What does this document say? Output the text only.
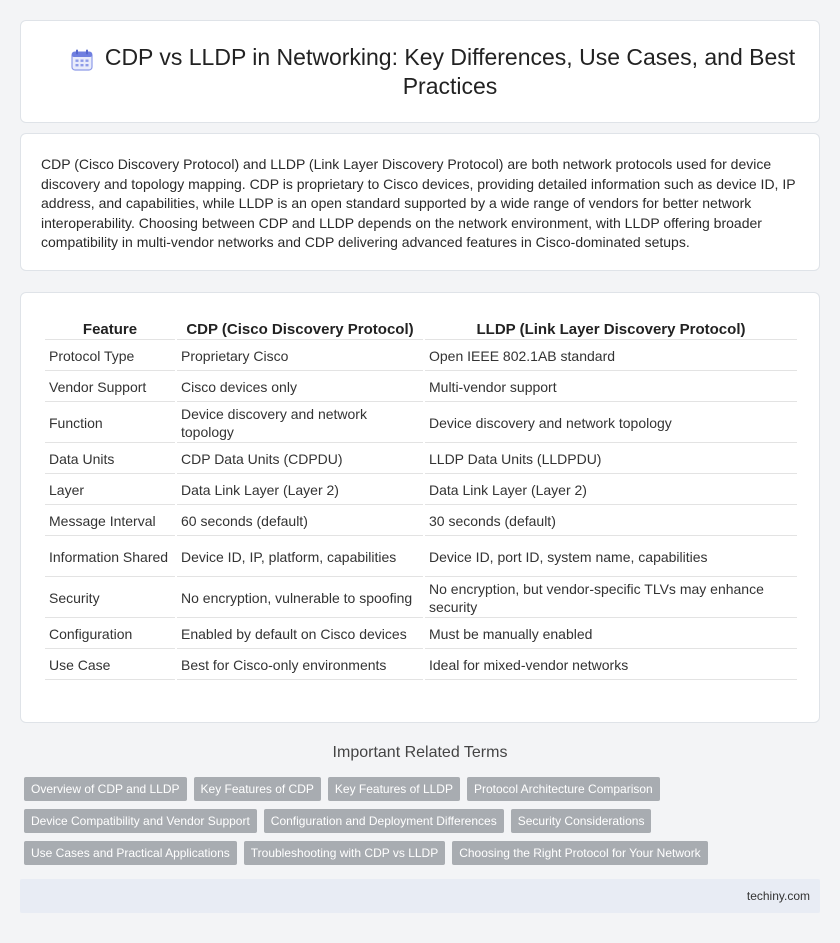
CDP vs LLDP in Networking: Key Differences, Use Cases, and Best Practices

CDP (Cisco Discovery Protocol) and LLDP (Link Layer Discovery Protocol) are both network protocols used for device discovery and topology mapping. CDP is proprietary to Cisco devices, providing detailed information such as device ID, IP address, and capabilities, while LLDP is an open standard supported by a wide range of vendors for better network interoperability. Choosing between CDP and LLDP depends on the network environment, with LLDP offering broader compatibility in multi-vendor networks and CDP delivering advanced features in Cisco-dominated setups.

Feature	CDP (Cisco Discovery Protocol)	LLDP (Link Layer Discovery Protocol)
Protocol Type	Proprietary Cisco	Open IEEE 802.1AB standard
Vendor Support	Cisco devices only	Multi-vendor support
Function	Device discovery and network topology	Device discovery and network topology
Data Units	CDP Data Units (CDPDU)	LLDP Data Units (LLDPDU)
Layer	Data Link Layer (Layer 2)	Data Link Layer (Layer 2)
Message Interval	60 seconds (default)	30 seconds (default)
Information Shared	Device ID, IP, platform, capabilities	Device ID, port ID, system name, capabilities
Security	No encryption, vulnerable to spoofing	No encryption, but vendor-specific TLVs may enhance security
Configuration	Enabled by default on Cisco devices	Must be manually enabled
Use Case	Best for Cisco-only environments	Ideal for mixed-vendor networks
Important Related Terms
Overview of CDP and LLDP	Key Features of CDP	Key Features of LLDP	Protocol Architecture Comparison
Device Compatibility and Vendor Support	Configuration and Deployment Differences	Security Considerations
Use Cases and Practical Applications	Troubleshooting with CDP vs LLDP	Choosing the Right Protocol for Your Network
techiny.com
